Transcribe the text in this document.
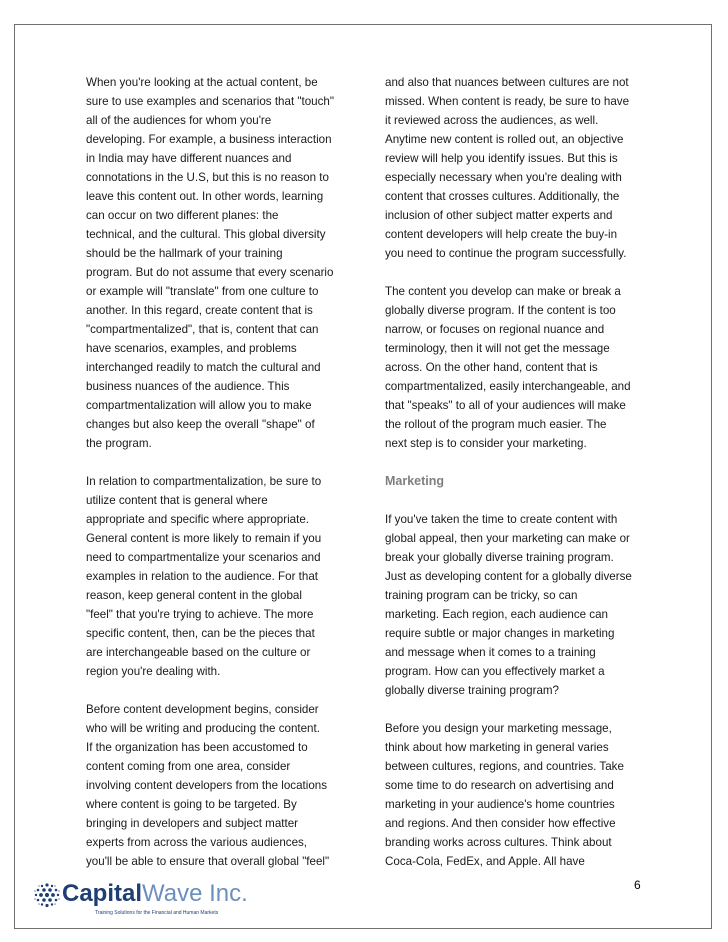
When you're looking at the actual content, be
sure to use examples and scenarios that "touch"
all of the audiences for whom you're
developing. For example, a business interaction
in India may have different nuances and
connotations in the U.S, but this is no reason to
leave this content out. In other words, learning
can occur on two different planes: the
technical, and the cultural. This global diversity
should be the hallmark of your training
program. But do not assume that every scenario
or example will "translate" from one culture to
another. In this regard, create content that is
"compartmentalized", that is, content that can
have scenarios, examples, and problems
interchanged readily to match the cultural and
business nuances of the audience. This
compartmentalization will allow you to make
changes but also keep the overall "shape" of
the program.
In relation to compartmentalization, be sure to
utilize content that is general where
appropriate and specific where appropriate.
General content is more likely to remain if you
need to compartmentalize your scenarios and
examples in relation to the audience. For that
reason, keep general content in the global
"feel" that you're trying to achieve. The more
specific content, then, can be the pieces that
are interchangeable based on the culture or
region you're dealing with.
Before content development begins, consider
who will be writing and producing the content.
If the organization has been accustomed to
content coming from one area, consider
involving content developers from the locations
where content is going to be targeted. By
bringing in developers and subject matter
experts from across the various audiences,
you'll be able to ensure that overall global "feel"
and also that nuances between cultures are not
missed. When content is ready, be sure to have
it reviewed across the audiences, as well.
Anytime new content is rolled out, an objective
review will help you identify issues. But this is
especially necessary when you're dealing with
content that crosses cultures. Additionally, the
inclusion of other subject matter experts and
content developers will help create the buy-in
you need to continue the program successfully.
The content you develop can make or break a
globally diverse program. If the content is too
narrow, or focuses on regional nuance and
terminology, then it will not get the message
across. On the other hand, content that is
compartmentalized, easily interchangeable, and
that "speaks" to all of your audiences will make
the rollout of the program much easier. The
next step is to consider your marketing.
Marketing
If you've taken the time to create content with
global appeal, then your marketing can make or
break your globally diverse training program.
Just as developing content for a globally diverse
training program can be tricky, so can
marketing. Each region, each audience can
require subtle or major changes in marketing
and message when it comes to a training
program. How can you effectively market a
globally diverse training program?
Before you design your marketing message,
think about how marketing in general varies
between cultures, regions, and countries. Take
some time to do research on advertising and
marketing in your audience's home countries
and regions. And then consider how effective
branding works across cultures. Think about
Coca-Cola, FedEx, and Apple. All have
6
CapitalWave Inc.
Training Solutions for the Financial and Human Markets
